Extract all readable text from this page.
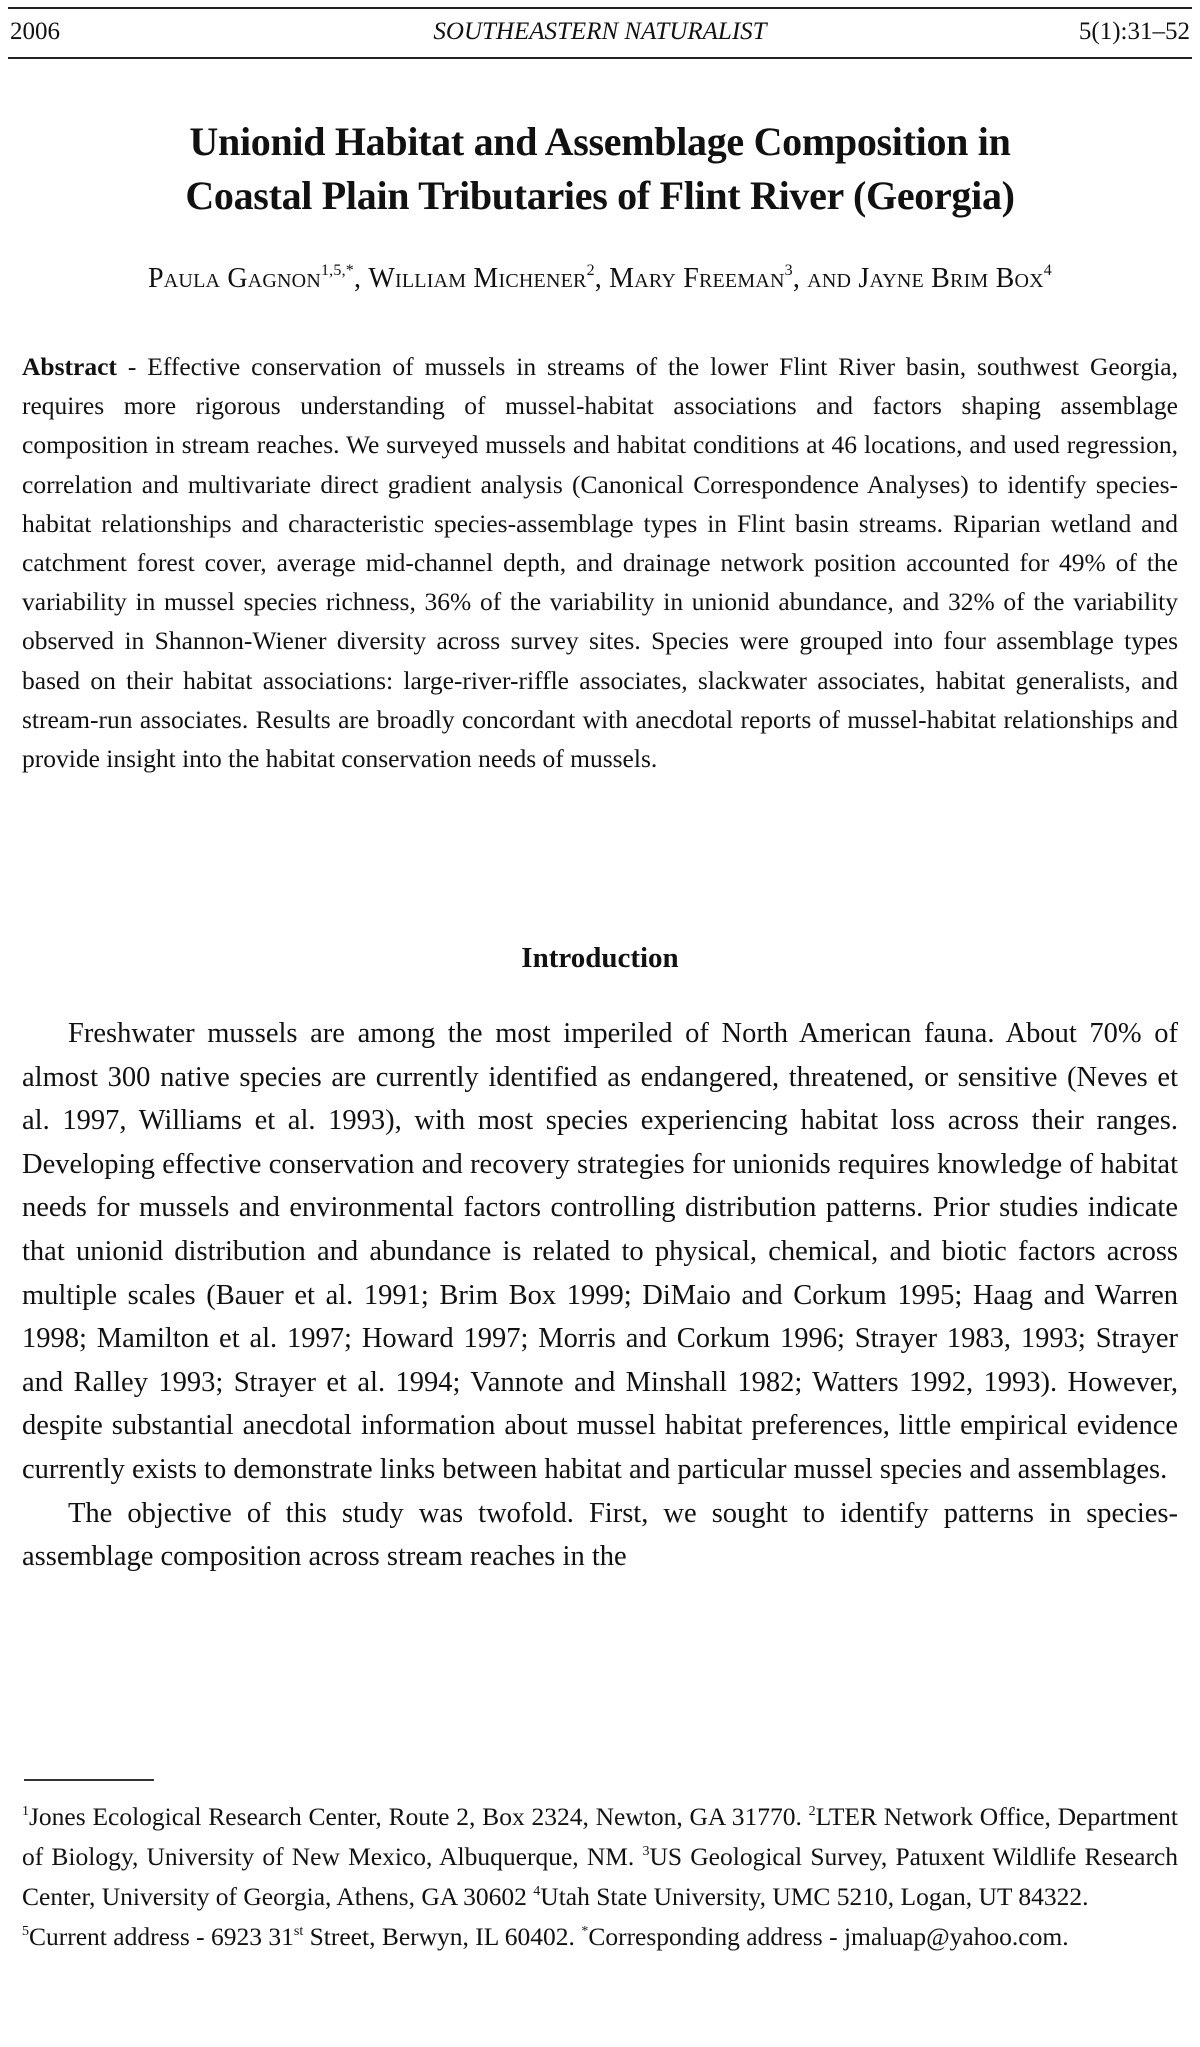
2006	SOUTHEASTERN NATURALIST	5(1):31–52
Unionid Habitat and Assemblage Composition in
Coastal Plain Tributaries of Flint River (Georgia)
Paula Gagnon$^{1,5,*}$, William Michener$^2$, Mary Freeman$^3$, and Jayne Brim Box$^4$
Abstract - Effective conservation of mussels in streams of the lower Flint River basin, southwest Georgia, requires more rigorous understanding of mussel-habitat associations and factors shaping assemblage composition in stream reaches. We surveyed mussels and habitat conditions at 46 locations, and used regression, correlation and multivariate direct gradient analysis (Canonical Correspondence Analyses) to identify species-habitat relationships and characteristic species-assemblage types in Flint basin streams. Riparian wetland and catchment forest cover, average mid-channel depth, and drainage network position accounted for 49% of the variability in mussel species richness, 36% of the variability in unionid abundance, and 32% of the variability observed in Shannon-Wiener diversity across survey sites. Species were grouped into four assemblage types based on their habitat associations: large-river-riffle associates, slackwater associates, habitat generalists, and stream-run associates. Results are broadly concordant with anecdotal reports of mussel-habitat relationships and provide insight into the habitat conservation needs of mussels.
Introduction

Freshwater mussels are among the most imperiled of North American fauna. About 70% of almost 300 native species are currently identified as endangered, threatened, or sensitive (Neves et al. 1997, Williams et al. 1993), with most species experiencing habitat loss across their ranges. Developing effective conservation and recovery strategies for unionids requires knowledge of habitat needs for mussels and environmental factors controlling distribution patterns. Prior studies indicate that unionid distribution and abundance is related to physical, chemical, and biotic factors across multiple scales (Bauer et al. 1991; Brim Box 1999; DiMaio and Corkum 1995; Haag and Warren 1998; Mamilton et al. 1997; Howard 1997; Morris and Corkum 1996; Strayer 1983, 1993; Strayer and Ralley 1993; Strayer et al. 1994; Vannote and Minshall 1982; Watters 1992, 1993). However, despite substantial anecdotal information about mussel habitat preferences, little empirical evidence currently exists to demonstrate links between habitat and particular mussel species and assemblages.

The objective of this study was twofold. First, we sought to identify patterns in species-assemblage composition across stream reaches in the

$^1$Jones Ecological Research Center, Route 2, Box 2324, Newton, GA 31770. $^2$LTER Network Office, Department of Biology, University of New Mexico, Albuquerque, NM. $^3$US Geological Survey, Patuxent Wildlife Research Center, University of Georgia, Athens, GA 30602 $^4$Utah State University, UMC 5210, Logan, UT 84322.
$^5$Current address - 6923 31st Street, Berwyn, IL 60402. *Corresponding address - jmaluap@yahoo.com.
